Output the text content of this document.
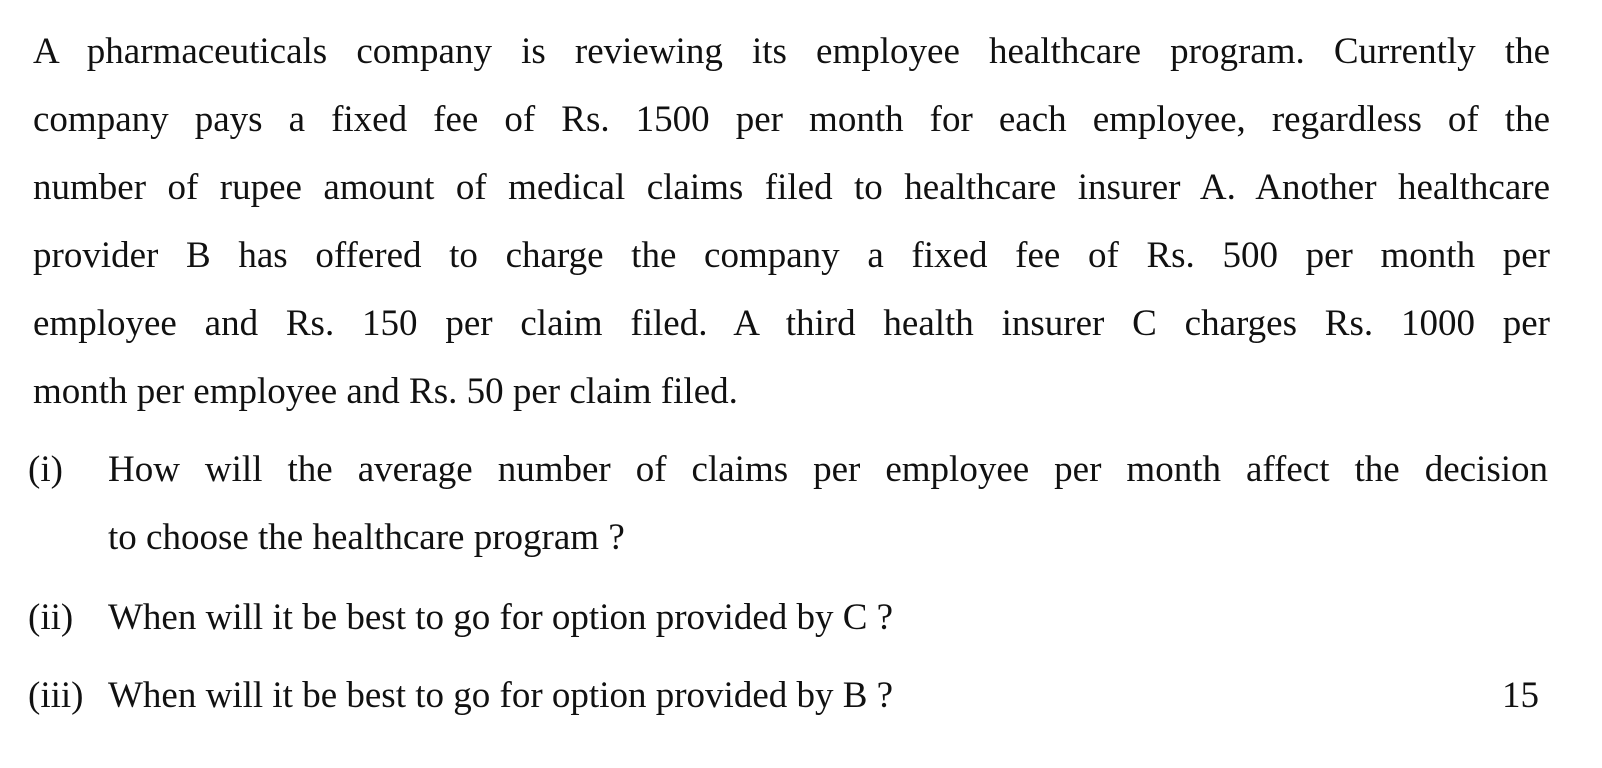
A pharmaceuticals company is reviewing its employee healthcare program. Currently the
company pays a fixed fee of Rs. 1500 per month for each employee, regardless of the
number of rupee amount of medical claims filed to healthcare insurer A. Another healthcare
provider B has offered to charge the company a fixed fee of Rs. 500 per month per
employee and Rs. 150 per claim filed. A third health insurer C charges Rs. 1000 per
month per employee and Rs. 50 per claim filed.
(i) How will the average number of claims per employee per month affect the decision
to choose the healthcare program ?
(ii) When will it be best to go for option provided by C ?
(iii) When will it be best to go for option provided by B ?	15
